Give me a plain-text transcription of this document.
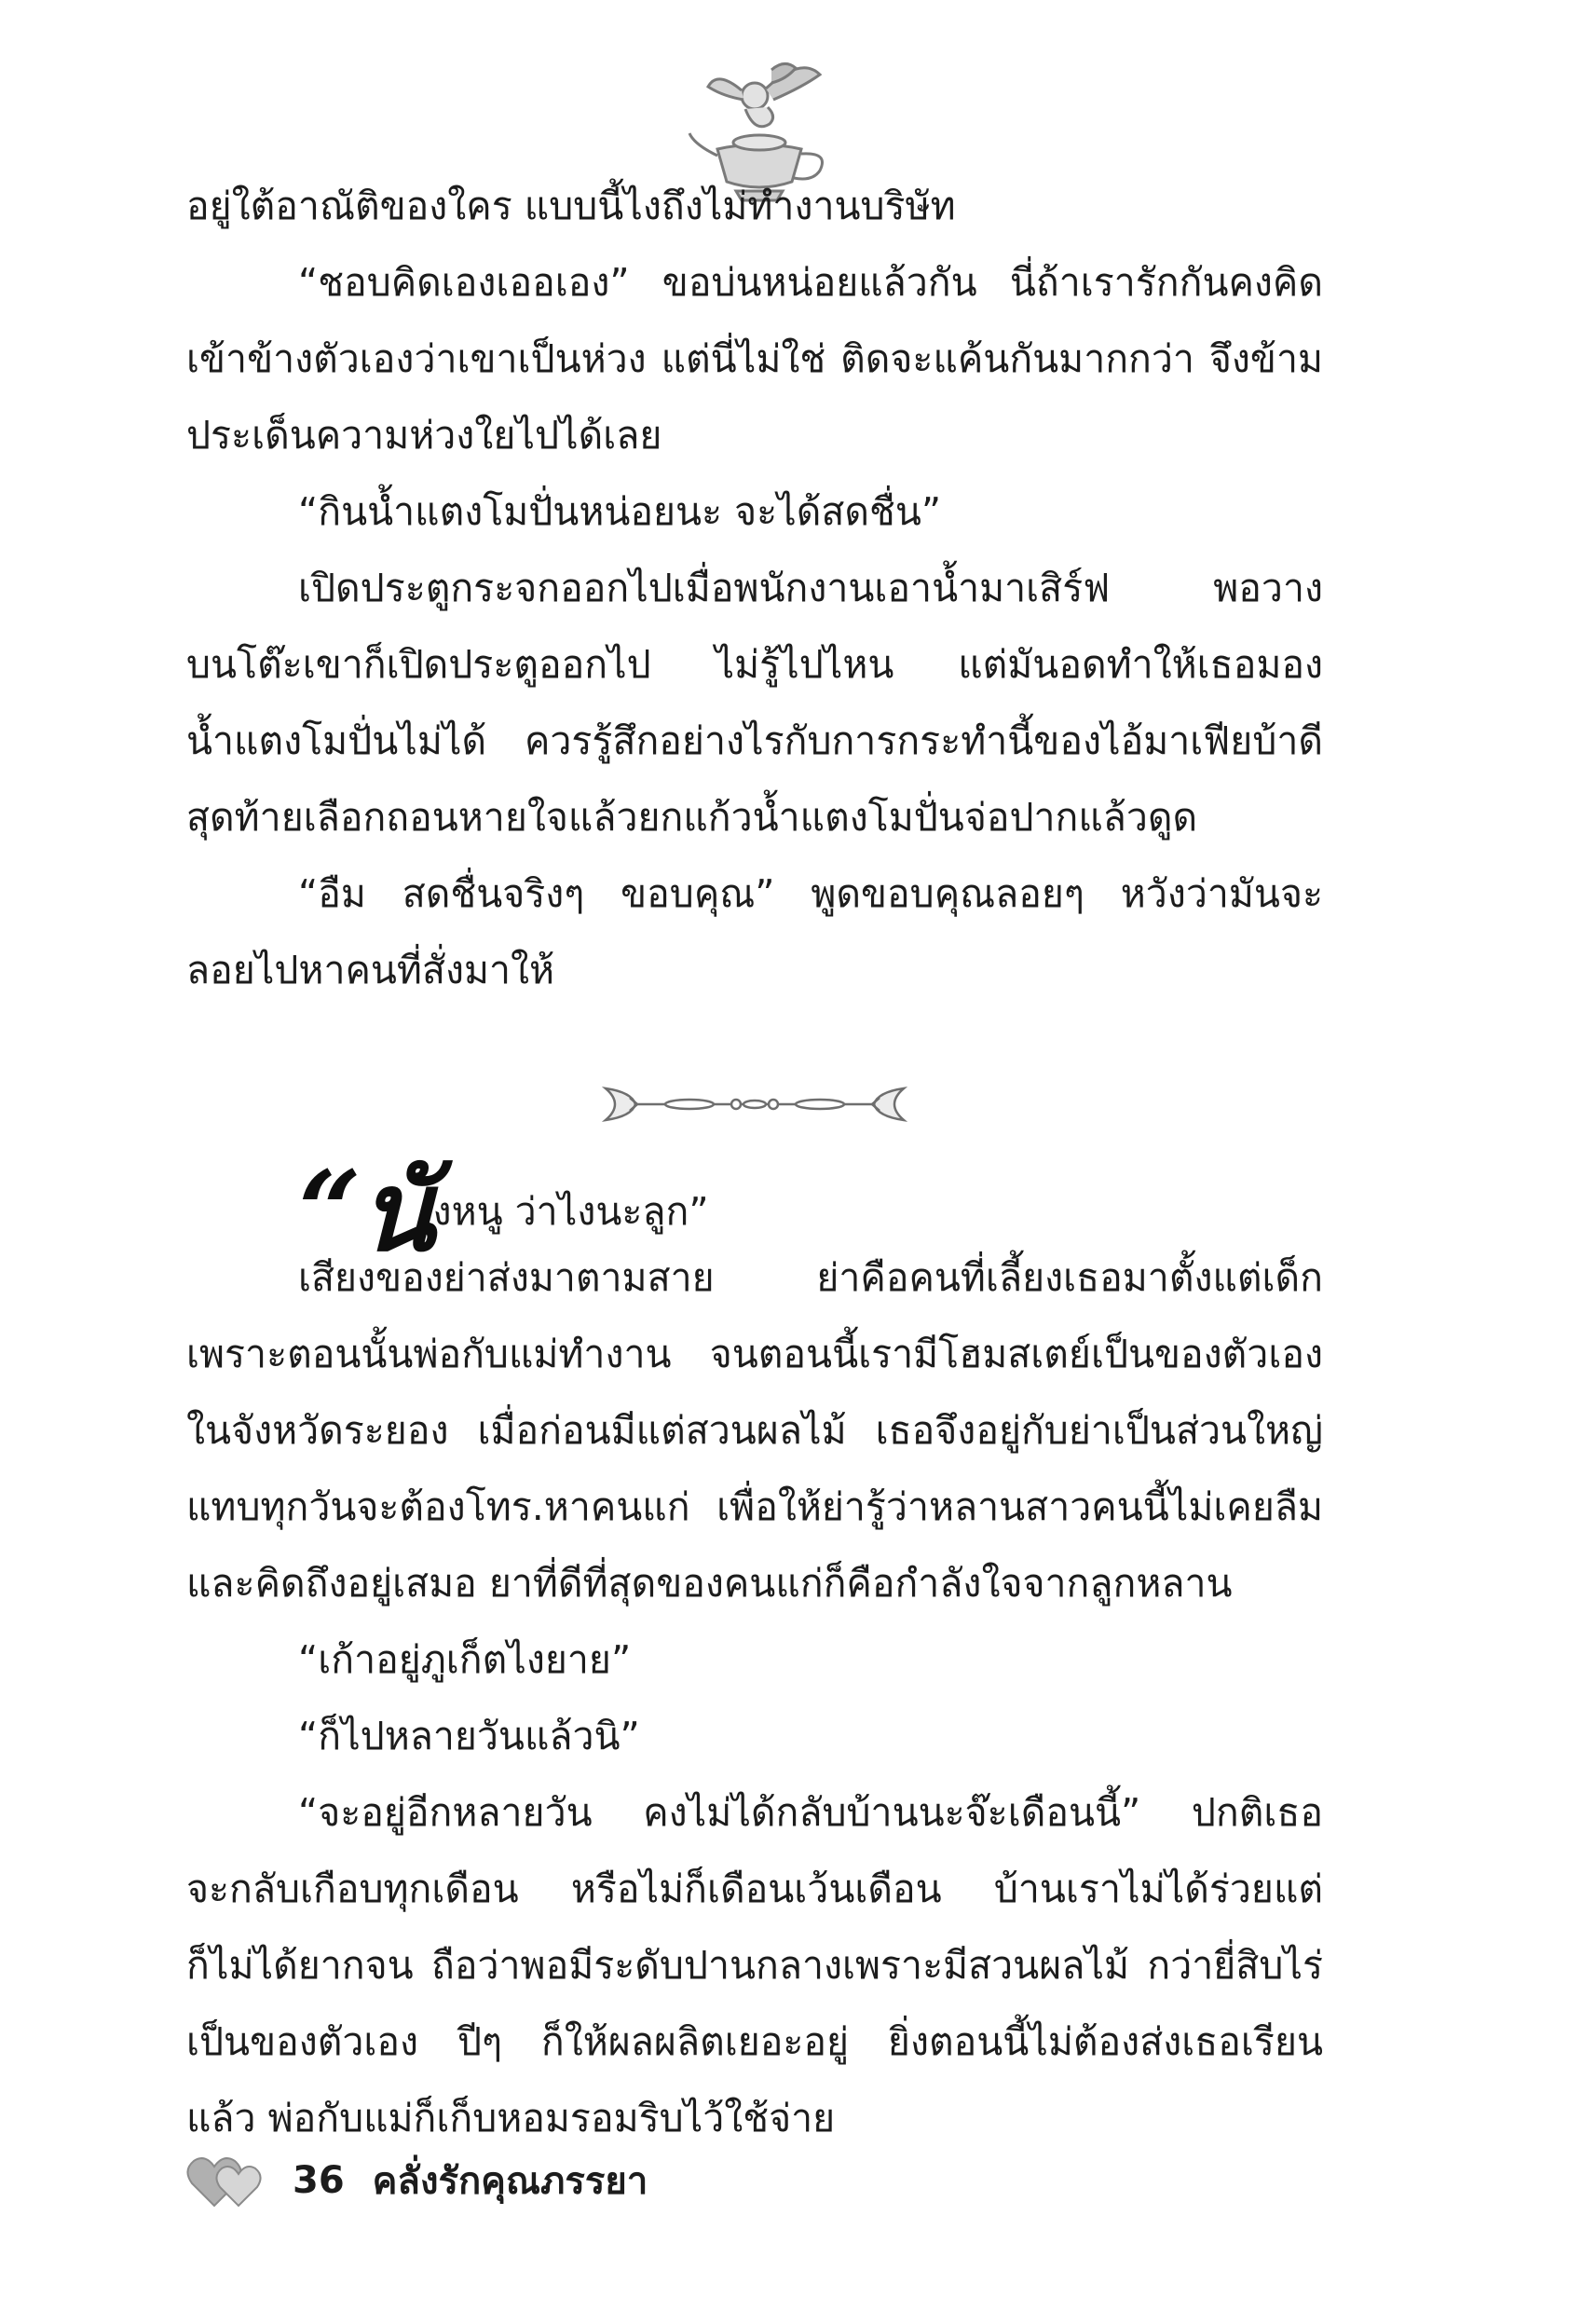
อยู่ใต้อาณัติของใคร แบบนี้ไงถึงไม่ทำงานบริษัท
“ชอบคิดเองเออเอง” ขอบ่นหน่อยแล้วกัน นี่ถ้าเรารักกันคงคิด
เข้าข้างตัวเองว่าเขาเป็นห่วง แต่นี่ไม่ใช่ ติดจะแค้นกันมากกว่า จึงข้าม
ประเด็นความห่วงใยไปได้เลย
“กินน้ำแตงโมปั่นหน่อยนะ จะได้สดชื่น”
เปิดประตูกระจกออกไปเมื่อพนักงานเอาน้ำมาเสิร์ฟ พอวาง
บนโต๊ะเขาก็เปิดประตูออกไป ไม่รู้ไปไหน แต่มันอดทำให้เธอมอง
น้ำแตงโมปั่นไม่ได้ ควรรู้สึกอย่างไรกับการกระทำนี้ของไอ้มาเฟียบ้าดี
สุดท้ายเลือกถอนหายใจแล้วยกแก้วน้ำแตงโมปั่นจ่อปากแล้วดูด
“อืม สดชื่นจริงๆ ขอบคุณ” พูดขอบคุณลอยๆ หวังว่ามันจะ
ลอยไปหาคนที่สั่งมาให้
“นังหนู ว่าไงนะลูก”
เสียงของย่าส่งมาตามสาย ย่าคือคนที่เลี้ยงเธอมาตั้งแต่เด็ก
เพราะตอนนั้นพ่อกับแม่ทำงาน จนตอนนี้เรามีโฮมสเตย์เป็นของตัวเอง
ในจังหวัดระยอง เมื่อก่อนมีแต่สวนผลไม้ เธอจึงอยู่กับย่าเป็นส่วนใหญ่
แทบทุกวันจะต้องโทร.หาคนแก่ เพื่อให้ย่ารู้ว่าหลานสาวคนนี้ไม่เคยลืม
และคิดถึงอยู่เสมอ ยาที่ดีที่สุดของคนแก่ก็คือกำลังใจจากลูกหลาน
“เก้าอยู่ภูเก็ตไงยาย”
“ก็ไปหลายวันแล้วนิ”
“จะอยู่อีกหลายวัน คงไม่ได้กลับบ้านนะจ๊ะเดือนนี้” ปกติเธอ
จะกลับเกือบทุกเดือน หรือไม่ก็เดือนเว้นเดือน บ้านเราไม่ได้ร่วยแต่
ก็ไม่ได้ยากจน ถือว่าพอมีระดับปานกลางเพราะมีสวนผลไม้ กว่ายี่สิบไร่
เป็นของตัวเอง ปีๆ ก็ให้ผลผลิตเยอะอยู่ ยิ่งตอนนี้ไม่ต้องส่งเธอเรียน
แล้ว พ่อกับแม่ก็เก็บหอมรอมริบไว้ใช้จ่าย
36 คลั่งรักคุณภรรยา
